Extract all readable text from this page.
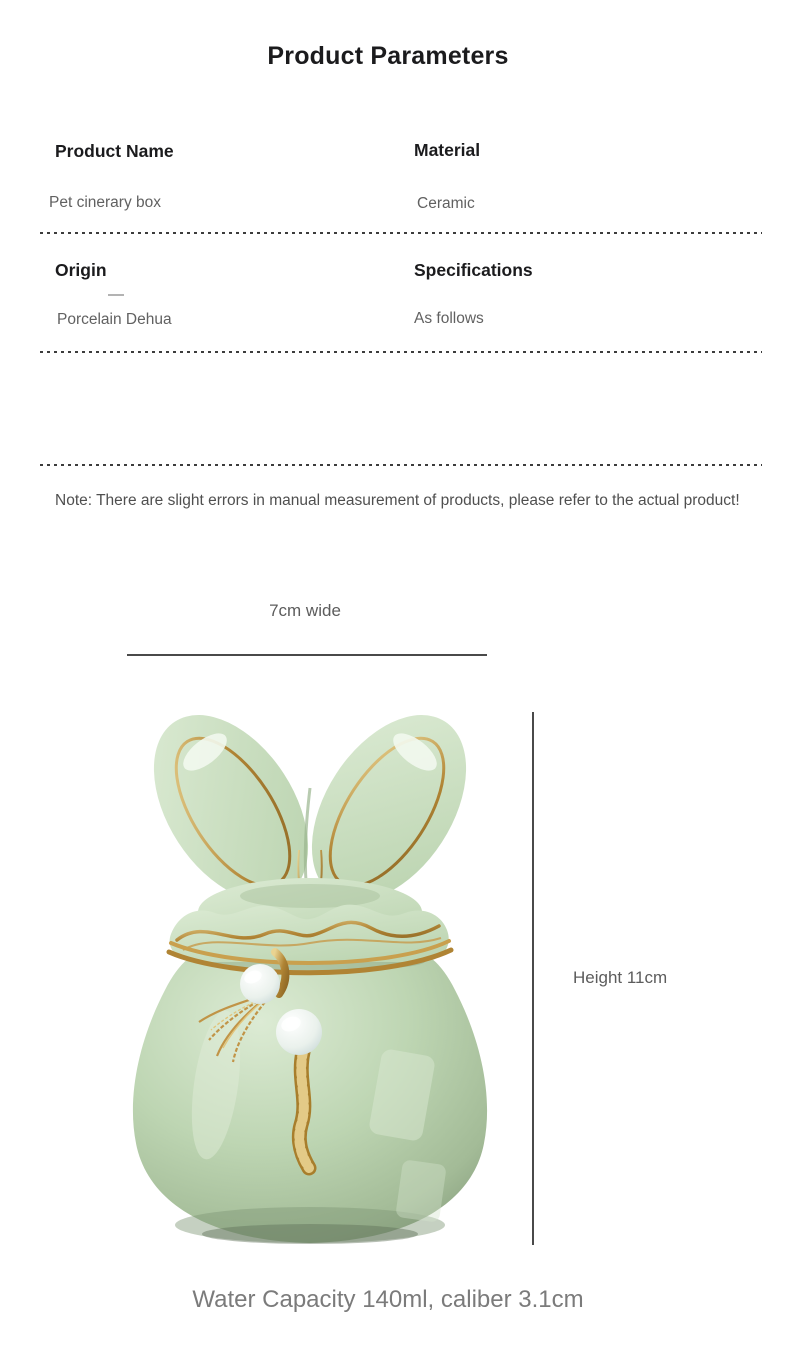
Product Parameters
Product Name	Material
Pet cinerary box	Ceramic
Origin	Specifications
Porcelain Dehua	As follows
Note: There are slight errors in manual measurement of products, please refer to the actual product!
7cm wide
Height 11cm
Water Capacity 140ml, caliber 3.1cm
